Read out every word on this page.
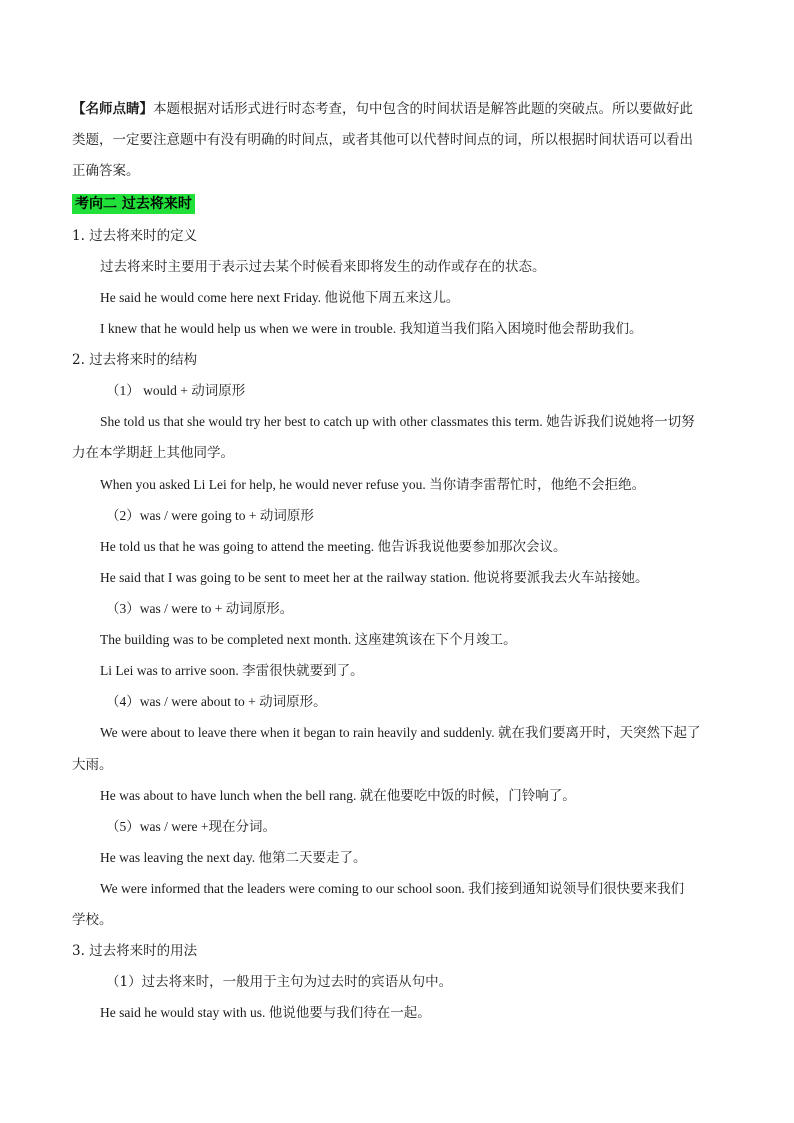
【名师点睛】本题根据对话形式进行时态考查，句中包含的时间状语是解答此题的突破点。所以要做好此
类题，一定要注意题中有没有明确的时间点，或者其他可以代替时间点的词，所以根据时间状语可以看出
正确答案。
考向二 过去将来时
1. 过去将来时的定义
过去将来时主要用于表示过去某个时候看来即将发生的动作或存在的状态。
He said he would come here next Friday. 他说他下周五来这儿。
I knew that he would help us when we were in trouble. 我知道当我们陷入困境时他会帮助我们。
2. 过去将来时的结构
（1） would + 动词原形
She told us that she would try her best to catch up with other classmates this term. 她告诉我们说她将一切努
力在本学期赶上其他同学。
When you asked Li Lei for help, he would never refuse you. 当你请李雷帮忙时，他绝不会拒绝。
（2）was / were going to + 动词原形
He told us that he was going to attend the meeting. 他告诉我说他要参加那次会议。
He said that I was going to be sent to meet her at the railway station. 他说将要派我去火车站接她。
（3）was / were to + 动词原形。
The building was to be completed next month. 这座建筑该在下个月竣工。
Li Lei was to arrive soon. 李雷很快就要到了。
（4）was / were about to + 动词原形。
We were about to leave there when it began to rain heavily and suddenly. 就在我们要离开时，天突然下起了
大雨。
He was about to have lunch when the bell rang. 就在他要吃中饭的时候，门铃响了。
（5）was / were +现在分词。
He was leaving the next day. 他第二天要走了。
We were informed that the leaders were coming to our school soon. 我们接到通知说领导们很快要来我们
学校。
3. 过去将来时的用法
（1）过去将来时，一般用于主句为过去时的宾语从句中。
He said he would stay with us. 他说他要与我们待在一起。
